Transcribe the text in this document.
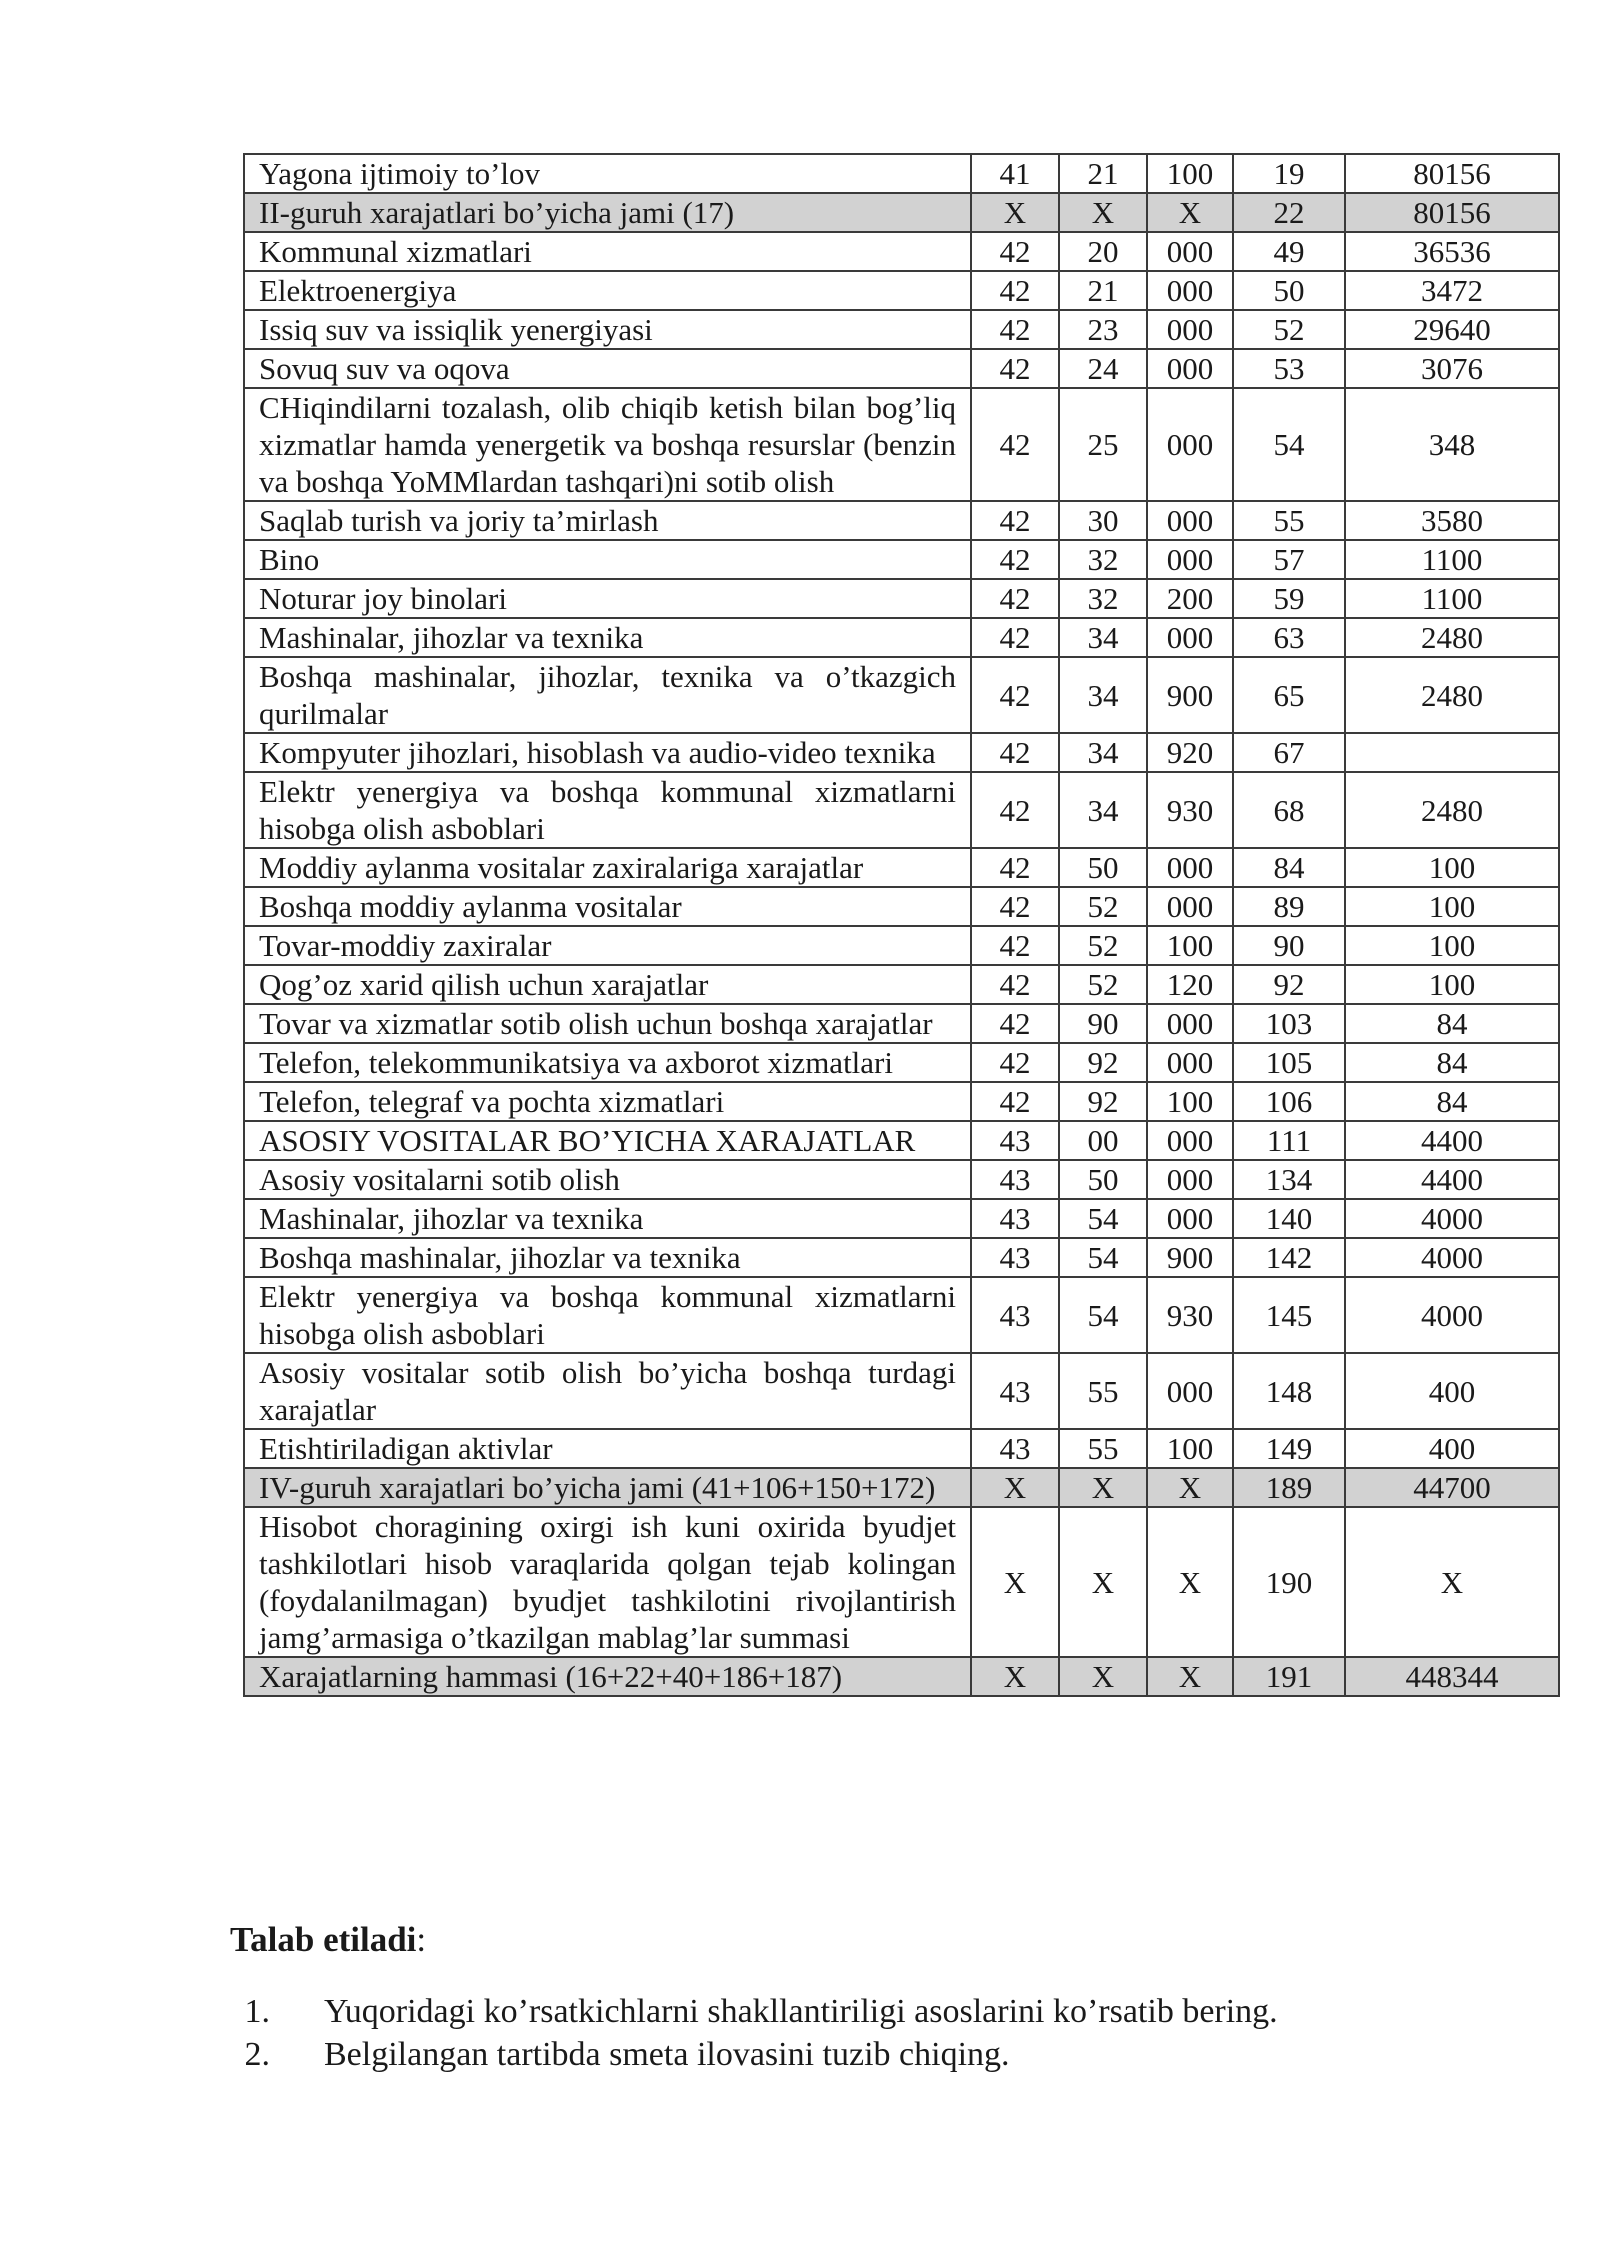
Yagona ijtimoiy to’lov	41	21	100	19	80156
II-guruh xarajatlari bo’yicha jami (17)	X	X	X	22	80156
Kommunal xizmatlari	42	20	000	49	36536
Elektroenergiya	42	21	000	50	3472
Issiq suv va issiqlik yenergiyasi	42	23	000	52	29640
Sovuq suv va oqova	42	24	000	53	3076
CHiqindilarni tozalash, olib chiqib ketish bilan bog’liq xizmatlar hamda yenergetik va boshqa resurslar (benzin va boshqa YoMMlardan tashqari)ni sotib olish	42	25	000	54	348
Saqlab turish va joriy ta’mirlash	42	30	000	55	3580
Bino	42	32	000	57	1100
Noturar joy binolari	42	32	200	59	1100
Mashinalar, jihozlar va texnika	42	34	000	63	2480
Boshqa mashinalar, jihozlar, texnika va o’tkazgich qurilmalar	42	34	900	65	2480
Kompyuter jihozlari, hisoblash va audio-video texnika	42	34	920	67	
Elektr yenergiya va boshqa kommunal xizmatlarni hisobga olish asboblari	42	34	930	68	2480
Moddiy aylanma vositalar zaxiralariga xarajatlar	42	50	000	84	100
Boshqa moddiy aylanma vositalar	42	52	000	89	100
Tovar-moddiy zaxiralar	42	52	100	90	100
Qog’oz xarid qilish uchun xarajatlar	42	52	120	92	100
Tovar va xizmatlar sotib olish uchun boshqa xarajatlar	42	90	000	103	84
Telefon, telekommunikatsiya va axborot xizmatlari	42	92	000	105	84
Telefon, telegraf va pochta xizmatlari	42	92	100	106	84
ASOSIY VOSITALAR BO’YICHA XARAJATLAR	43	00	000	111	4400
Asosiy vositalarni sotib olish	43	50	000	134	4400
Mashinalar, jihozlar va texnika	43	54	000	140	4000
Boshqa mashinalar, jihozlar va texnika	43	54	900	142	4000
Elektr yenergiya va boshqa kommunal xizmatlarni hisobga olish asboblari	43	54	930	145	4000
Asosiy vositalar sotib olish bo’yicha boshqa turdagi xarajatlar	43	55	000	148	400
Etishtiriladigan aktivlar	43	55	100	149	400
IV-guruh xarajatlari bo’yicha jami (41+106+150+172)	X	X	X	189	44700
Hisobot choragining oxirgi ish kuni oxirida byudjet tashkilotlari hisob varaqlarida qolgan tejab kolingan (foydalanilmagan) byudjet tashkilotini rivojlantirish jamg’armasiga o’tkazilgan mablag’lar summasi	X	X	X	190	X
Xarajatlarning hammasi (16+22+40+186+187)	X	X	X	191	448344
Talab etiladi:
1. Yuqoridagi ko’rsatkichlarni shakllantiriligi asoslarini ko’rsatib bering.
2. Belgilangan tartibda smeta ilovasini tuzib chiqing.
